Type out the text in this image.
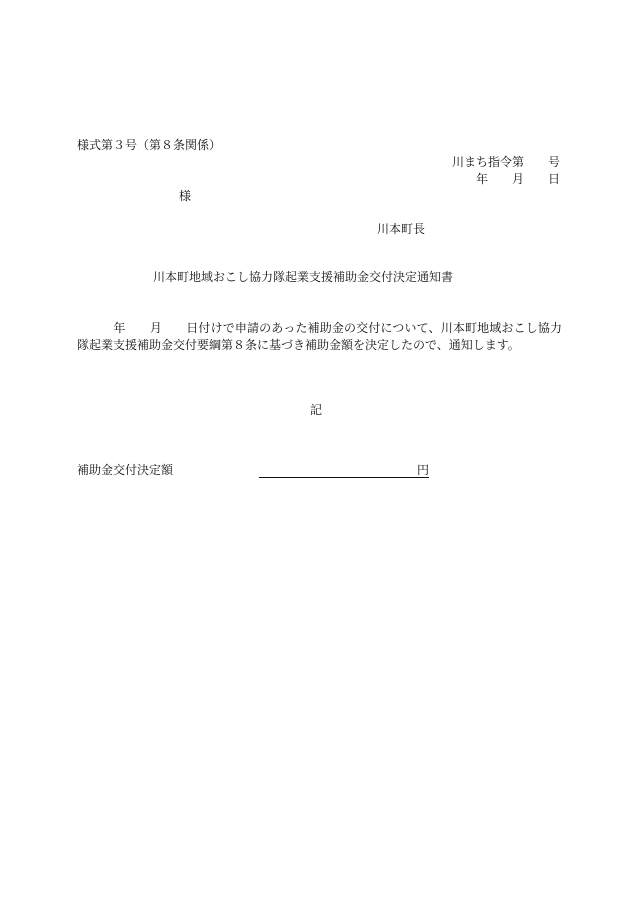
様式第３号（第８条関係）
川まち指令第　　号
年　　月　　日
様
川本町長
川本町地域おこし協力隊起業支援補助金交付決定通知書
　　　年　　月　　日付けで申請のあった補助金の交付について、川本町地域おこし協力隊起業支援補助金交付要綱第８条に基づき補助金額を決定したので、通知します。
記
補助金交付決定額	円
